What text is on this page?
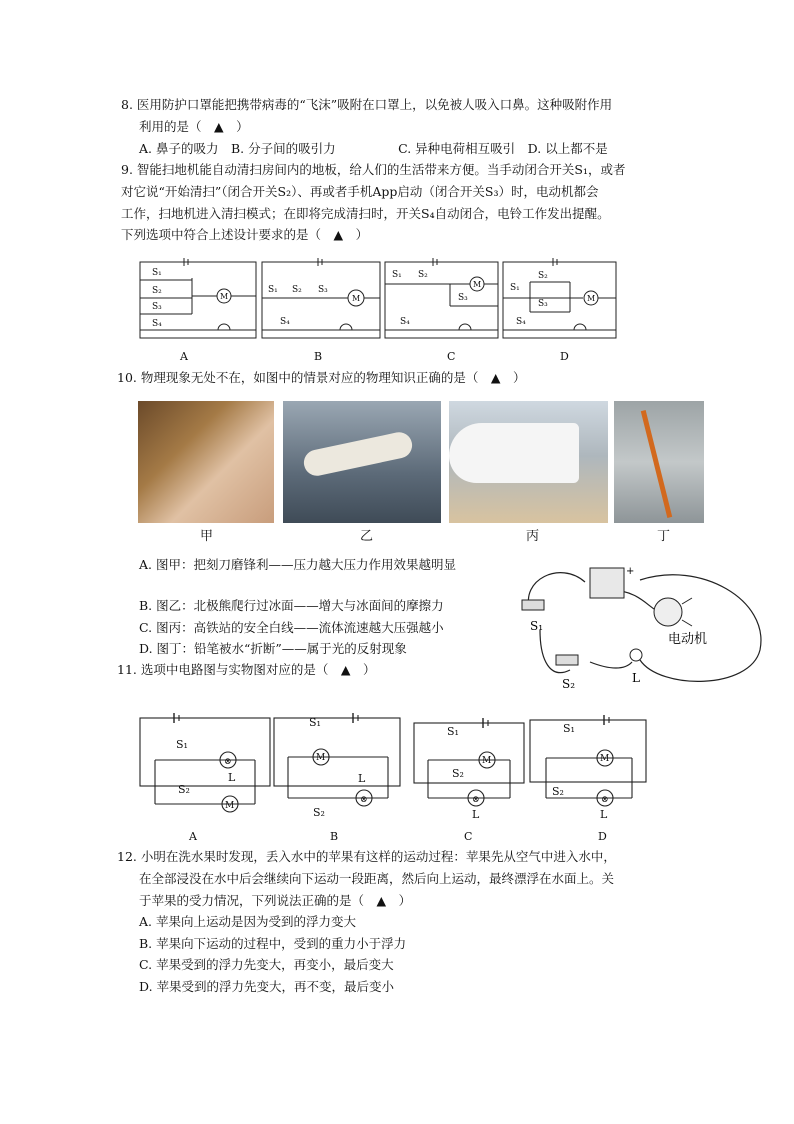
8. 医用防护口罩能把携带病毒的“飞沫”吸附在口罩上，以免被人吸入口鼻。这种吸附作用
利用的是（　▲　）
A. 鼻子的吸力　B. 分子间的吸引力　　　　　C. 异种电荷相互吸引　D. 以上都不是
9. 智能扫地机能自动清扫房间内的地板，给人们的生活带来方便。当手动闭合开关S₁，或者
对它说“开始清扫”（闭合开关S₂）、再或者手机App启动（闭合开关S₃）时，电动机都会
工作，扫地机进入清扫模式；在即将完成清扫时，开关S₄自动闭合，电铃工作发出提醒。
下列选项中符合上述设计要求的是（　▲　）
S₁
S₂
S₃
S₄
M
S₁ S₂ S₃
S₄
M
S₁ S₂
S₃
S₄
M	S₁
S₂
S₃
S₄
M
A	B	C	D
10. 物理现象无处不在，如图中的情景对应的物理知识正确的是（　▲　）
甲	乙	丙	丁
A. 图甲：把刻刀磨锋利——压力越大压力作用效果越明显
B. 图乙：北极熊爬行过冰面——增大与冰面间的摩擦力
C. 图丙：高铁站的安全白线——流体流速越大压强越小
D. 图丁：铅笔被水“折断”——属于光的反射现象
+
S₁
S₂	L
电动机
11. 选项中电路图与实物图对应的是（　▲　）
S₁
S₂
⊗
L
M
S₁
M
L
⊗
S₂
S₁
S₂
M
⊗
L
S₁
S₂
M
⊗
L
A	B	C	D
12. 小明在洗水果时发现，丢入水中的苹果有这样的运动过程：苹果先从空气中进入水中，
在全部浸没在水中后会继续向下运动一段距离，然后向上运动，最终漂浮在水面上。关
于苹果的受力情况，下列说法正确的是（　▲　）
A. 苹果向上运动是因为受到的浮力变大
B. 苹果向下运动的过程中，受到的重力小于浮力
C. 苹果受到的浮力先变大，再变小，最后变大
D. 苹果受到的浮力先变大，再不变，最后变小
